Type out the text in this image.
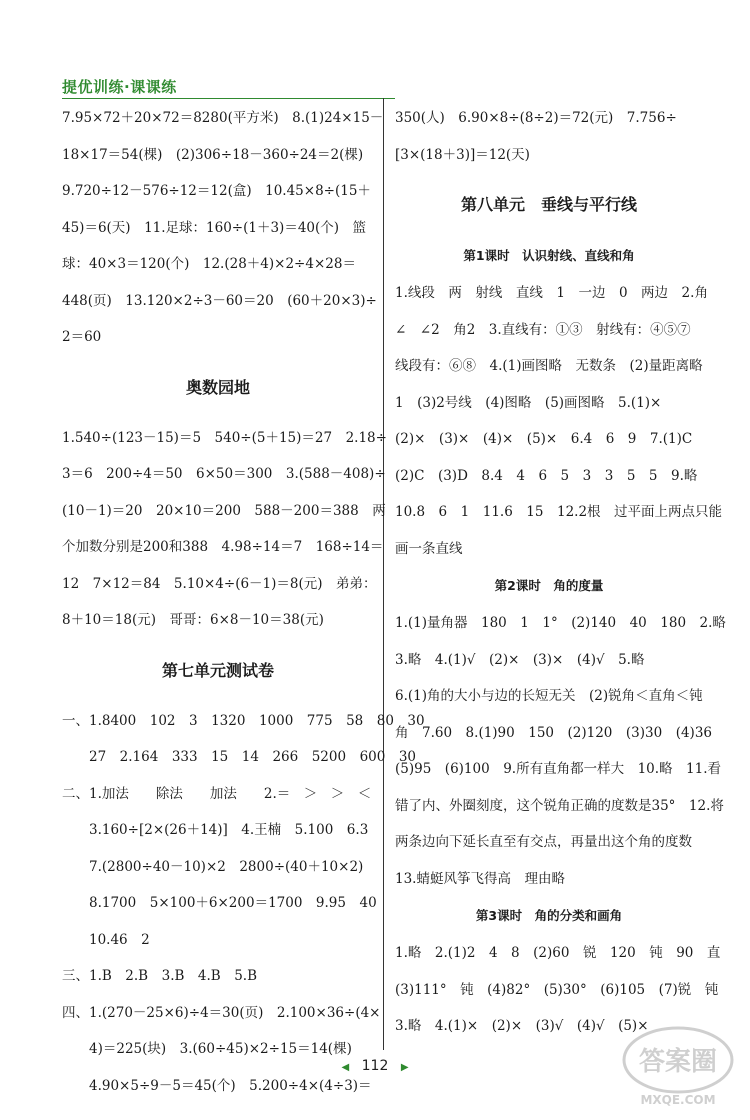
提优训练·课课练
7.95×72＋20×72＝8280(平方米)　8.(1)24×15－
18×17＝54(棵)　(2)306÷18－360÷24＝2(棵)
9.720÷12－576÷12＝12(盒)　10.45×8÷(15＋
45)＝6(天)　11.足球：160÷(1＋3)＝40(个)　篮
球：40×3＝120(个)　12.(28＋4)×2÷4×28＝
448(页)　13.120×2÷3－60＝20　(60＋20×3)÷
2＝60
奥数园地
1.540÷(123－15)＝5　540÷(5＋15)＝27　2.18÷
3＝6　200÷4＝50　6×50＝300　3.(588－408)÷
(10－1)＝20　20×10＝200　588－200＝388　两
个加数分别是200和388　4.98÷14＝7　168÷14＝
12　7×12＝84　5.10×4÷(6－1)＝8(元)　弟弟：
8＋10＝18(元)　哥哥：6×8－10＝38(元)
第七单元测试卷
一、1.8400　102　3　1320　1000　775　58　80　30
　　27　2.164　333　15　14　266　5200　600　30
二、1.加法　　除法　　加法　　2.＝　＞　＞　＜
　　3.160÷[2×(26＋14)]　4.王楠　5.100　6.3
　　7.(2800÷40－10)×2　2800÷(40＋10×2)
　　8.1700　5×100＋6×200＝1700　9.95　40
　　10.46　2
三、1.B　2.B　3.B　4.B　5.B
四、1.(270－25×6)÷4＝30(页)　2.100×36÷(4×
　　4)＝225(块)　3.(60÷45)×2÷15＝14(棵)
　　4.90×5÷9－5＝45(个)　5.200÷4×(4÷3)＝
350(人)　6.90×8÷(8÷2)＝72(元)　7.756÷
[3×(18＋3)]＝12(天)
第八单元　垂线与平行线
第1课时　认识射线、直线和角
1.线段　两　射线　直线　1　一边　0　两边　2.角
∠　∠2　角2　3.直线有：①③　射线有：④⑤⑦
线段有：⑥⑧　4.(1)画图略　无数条　(2)量距离略
1　(3)2号线　(4)图略　(5)画图略　5.(1)×
(2)×　(3)×　(4)×　(5)×　6.4　6　9　7.(1)C
(2)C　(3)D　8.4　4　6　5　3　3　5　5　9.略
10.8　6　1　11.6　15　12.2根　过平面上两点只能
画一条直线
第2课时　角的度量
1.(1)量角器　180　1　1°　(2)140　40　180　2.略
3.略　4.(1)√　(2)×　(3)×　(4)√　5.略
6.(1)角的大小与边的长短无关　(2)锐角＜直角＜钝
角　7.60　8.(1)90　150　(2)120　(3)30　(4)36
(5)95　(6)100　9.所有直角都一样大　10.略　11.看
错了内、外圈刻度，这个锐角正确的度数是35°　12.将
两条边向下延长直至有交点，再量出这个角的度数
13.蜻蜓风筝飞得高　理由略
第3课时　角的分类和画角
1.略　2.(1)2　4　8　(2)60　锐　120　钝　90　直
(3)111°　钝　(4)82°　(5)30°　(6)105　(7)锐　钝
3.略　4.(1)×　(2)×　(3)√　(4)√　(5)×
◀ 112 ▶	答案圈
MXQE.COM
